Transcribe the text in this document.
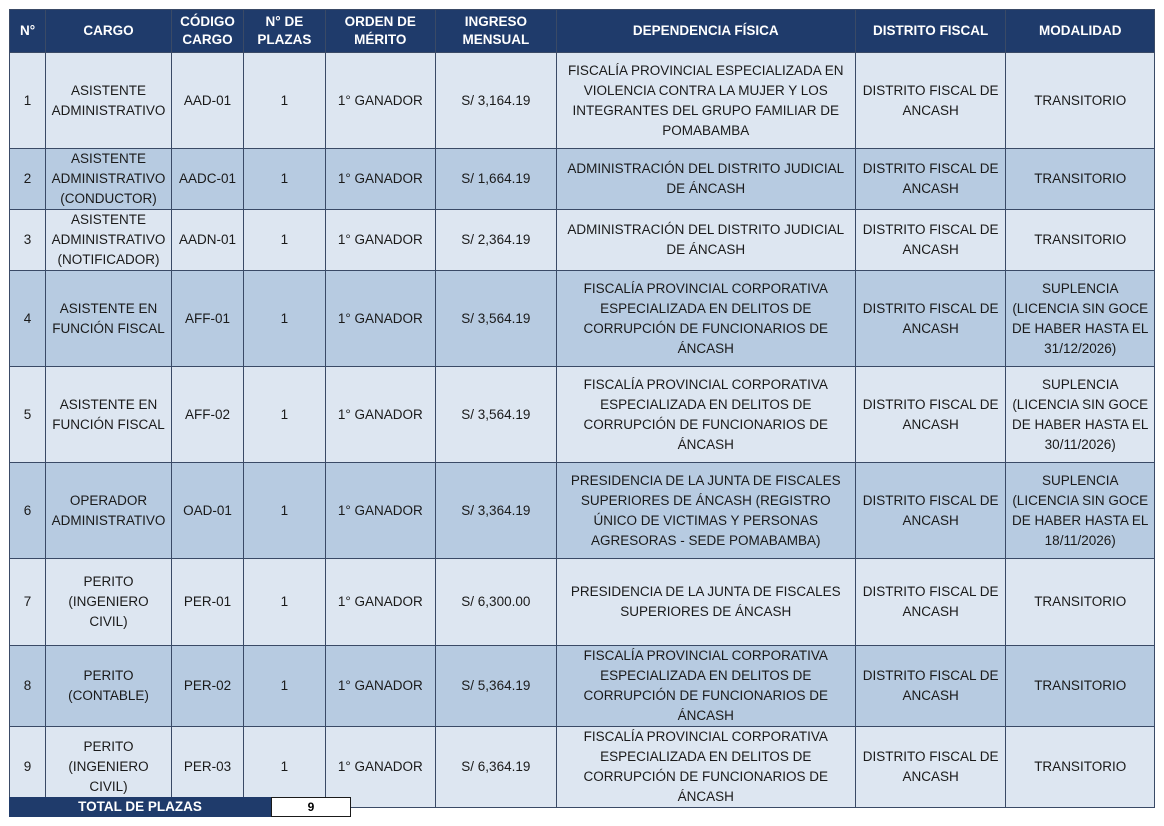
N°	CARGO	CÓDIGO CARGO	N° DE PLAZAS	ORDEN DE MÉRITO	INGRESO MENSUAL	DEPENDENCIA FÍSICA	DISTRITO FISCAL	MODALIDAD
1	ASISTENTE ADMINISTRATIVO	AAD-01	1	1° GANADOR	S/ 3,164.19	FISCALÍA PROVINCIAL ESPECIALIZADA EN VIOLENCIA CONTRA LA MUJER Y LOS INTEGRANTES DEL GRUPO FAMILIAR DE POMABAMBA	DISTRITO FISCAL DE ANCASH	TRANSITORIO
2	ASISTENTE ADMINISTRATIVO (CONDUCTOR)	AADC-01	1	1° GANADOR	S/ 1,664.19	ADMINISTRACIÓN DEL DISTRITO JUDICIAL DE ÁNCASH	DISTRITO FISCAL DE ANCASH	TRANSITORIO
3	ASISTENTE ADMINISTRATIVO (NOTIFICADOR)	AADN-01	1	1° GANADOR	S/ 2,364.19	ADMINISTRACIÓN DEL DISTRITO JUDICIAL DE ÁNCASH	DISTRITO FISCAL DE ANCASH	TRANSITORIO
4	ASISTENTE EN FUNCIÓN FISCAL	AFF-01	1	1° GANADOR	S/ 3,564.19	FISCALÍA PROVINCIAL CORPORATIVA ESPECIALIZADA EN DELITOS DE CORRUPCIÓN DE FUNCIONARIOS DE ÁNCASH	DISTRITO FISCAL DE ANCASH	SUPLENCIA (LICENCIA SIN GOCE DE HABER HASTA EL 31/12/2026)
5	ASISTENTE EN FUNCIÓN FISCAL	AFF-02	1	1° GANADOR	S/ 3,564.19	FISCALÍA PROVINCIAL CORPORATIVA ESPECIALIZADA EN DELITOS DE CORRUPCIÓN DE FUNCIONARIOS DE ÁNCASH	DISTRITO FISCAL DE ANCASH	SUPLENCIA (LICENCIA SIN GOCE DE HABER HASTA EL 30/11/2026)
6	OPERADOR ADMINISTRATIVO	OAD-01	1	1° GANADOR	S/ 3,364.19	PRESIDENCIA DE LA JUNTA DE FISCALES SUPERIORES DE ÁNCASH (REGISTRO ÚNICO DE VICTIMAS Y PERSONAS AGRESORAS - SEDE POMABAMBA)	DISTRITO FISCAL DE ANCASH	SUPLENCIA (LICENCIA SIN GOCE DE HABER HASTA EL 18/11/2026)
7	PERITO (INGENIERO CIVIL)	PER-01	1	1° GANADOR	S/ 6,300.00	PRESIDENCIA DE LA JUNTA DE FISCALES SUPERIORES DE ÁNCASH	DISTRITO FISCAL DE ANCASH	TRANSITORIO
8	PERITO (CONTABLE)	PER-02	1	1° GANADOR	S/ 5,364.19	FISCALÍA PROVINCIAL CORPORATIVA ESPECIALIZADA EN DELITOS DE CORRUPCIÓN DE FUNCIONARIOS DE ÁNCASH	DISTRITO FISCAL DE ANCASH	TRANSITORIO
9	PERITO (INGENIERO CIVIL)	PER-03	1	1° GANADOR	S/ 6,364.19	FISCALÍA PROVINCIAL CORPORATIVA ESPECIALIZADA EN DELITOS DE CORRUPCIÓN DE FUNCIONARIOS DE ÁNCASH	DISTRITO FISCAL DE ANCASH	TRANSITORIO
TOTAL DE PLAZAS	9
